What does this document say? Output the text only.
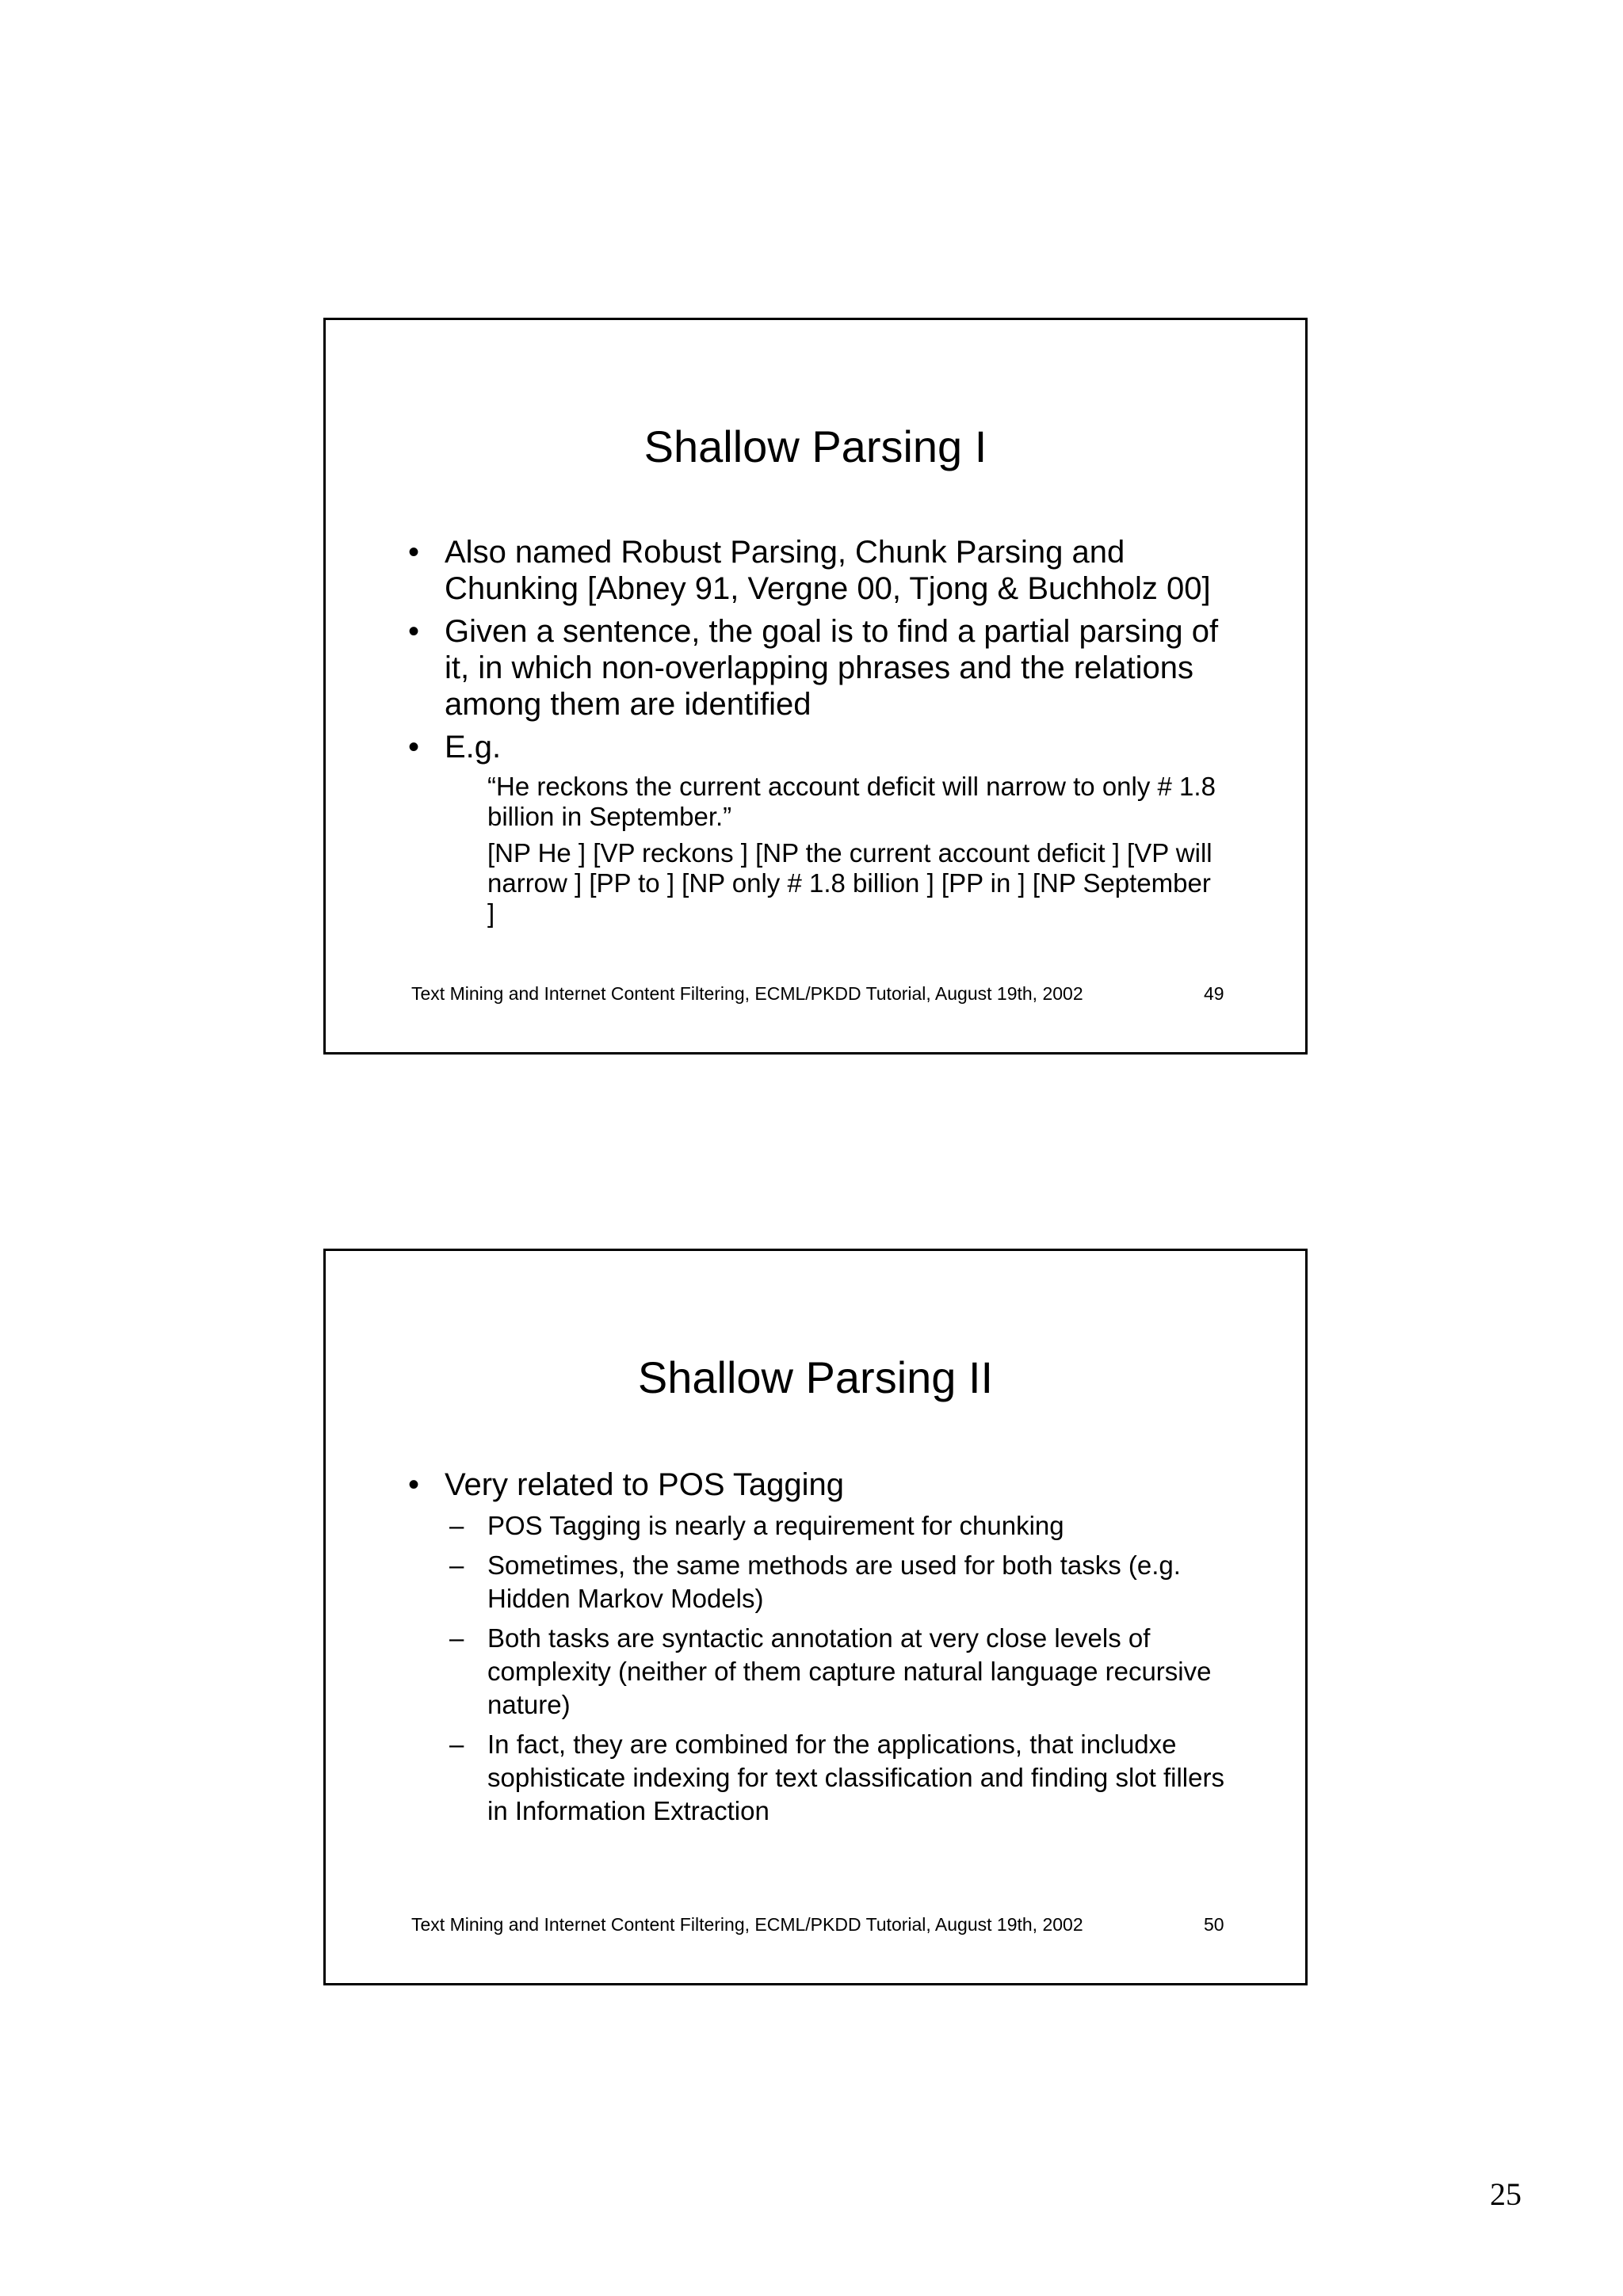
Shallow Parsing I
• Also named Robust Parsing, Chunk Parsing and Chunking [Abney 91, Vergne 00, Tjong & Buchholz 00]
• Given a sentence, the goal is to find a partial parsing of it, in which non-overlapping phrases and the relations among them are identified
• E.g.
“He reckons the current account deficit will narrow to only # 1.8 billion in September.”
[NP He ] [VP reckons ] [NP the current account deficit ] [VP will narrow ] [PP to ] [NP only # 1.8 billion ] [PP in ] [NP September ]
Text Mining and Internet Content Filtering, ECML/PKDD Tutorial, August 19th, 2002	49
Shallow Parsing II
• Very related to POS Tagging
– POS Tagging is nearly a requirement for chunking
– Sometimes, the same methods are used for both tasks (e.g. Hidden Markov Models)
– Both tasks are syntactic annotation at very close levels of complexity (neither of them capture natural language recursive nature)
– In fact, they are combined for the applications, that includxe sophisticate indexing for text classification and finding slot fillers in Information Extraction
Text Mining and Internet Content Filtering, ECML/PKDD Tutorial, August 19th, 2002	50
25
